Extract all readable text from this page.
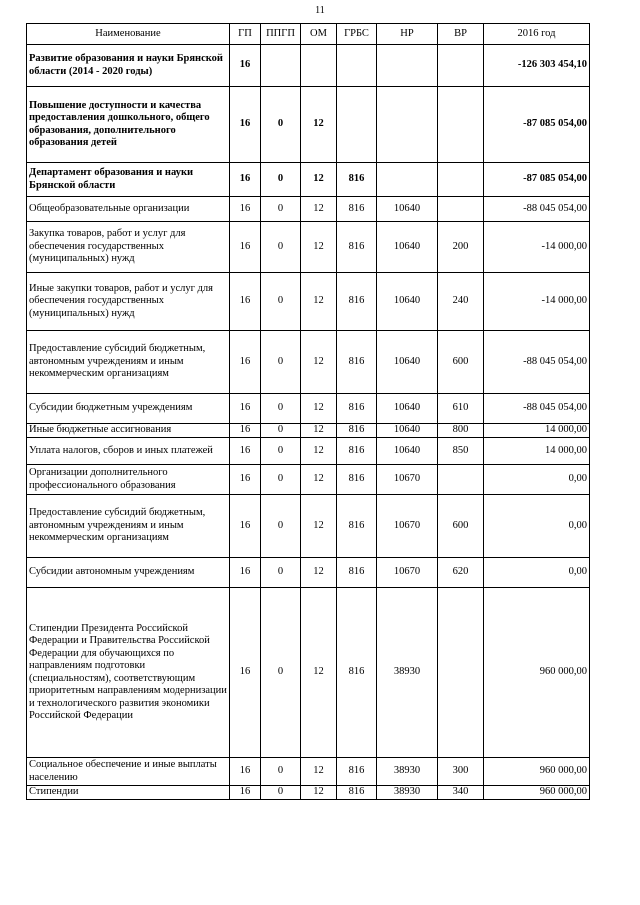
11
Наименование	ГП	ППГП	ОМ	ГРБС	НР	ВР	2016 год
Развитие образования и науки Брянской области (2014 - 2020 годы)	16						-126 303 454,10
Повышение доступности и качества предоставления дошкольного, общего образования, дополнительного образования детей	16	0	12				-87 085 054,00
Департамент образования и науки Брянской области	16	0	12	816			-87 085 054,00
Общеобразовательные организации	16	0	12	816	10640		-88 045 054,00
Закупка товаров, работ и услуг для обеспечения государственных (муниципальных) нужд	16	0	12	816	10640	200	-14 000,00
Иные закупки товаров, работ и услуг для обеспечения государственных (муниципальных) нужд	16	0	12	816	10640	240	-14 000,00
Предоставление субсидий бюджетным, автономным учреждениям и иным некоммерческим организациям	16	0	12	816	10640	600	-88 045 054,00
Субсидии бюджетным учреждениям	16	0	12	816	10640	610	-88 045 054,00
Иные бюджетные ассигнования	16	0	12	816	10640	800	14 000,00
Уплата налогов, сборов и иных платежей	16	0	12	816	10640	850	14 000,00
Организации дополнительного профессионального образования	16	0	12	816	10670		0,00
Предоставление субсидий бюджетным, автономным учреждениям и иным некоммерческим организациям	16	0	12	816	10670	600	0,00
Субсидии автономным учреждениям	16	0	12	816	10670	620	0,00
Стипендии Президента Российской Федерации и Правительства Российской Федерации для обучающихся по направлениям подготовки (специальностям), соответствующим приоритетным направлениям модернизации и технологического развития экономики Российской Федерации	16	0	12	816	38930		960 000,00
Социальное обеспечение и иные выплаты населению	16	0	12	816	38930	300	960 000,00
Стипендии	16	0	12	816	38930	340	960 000,00
